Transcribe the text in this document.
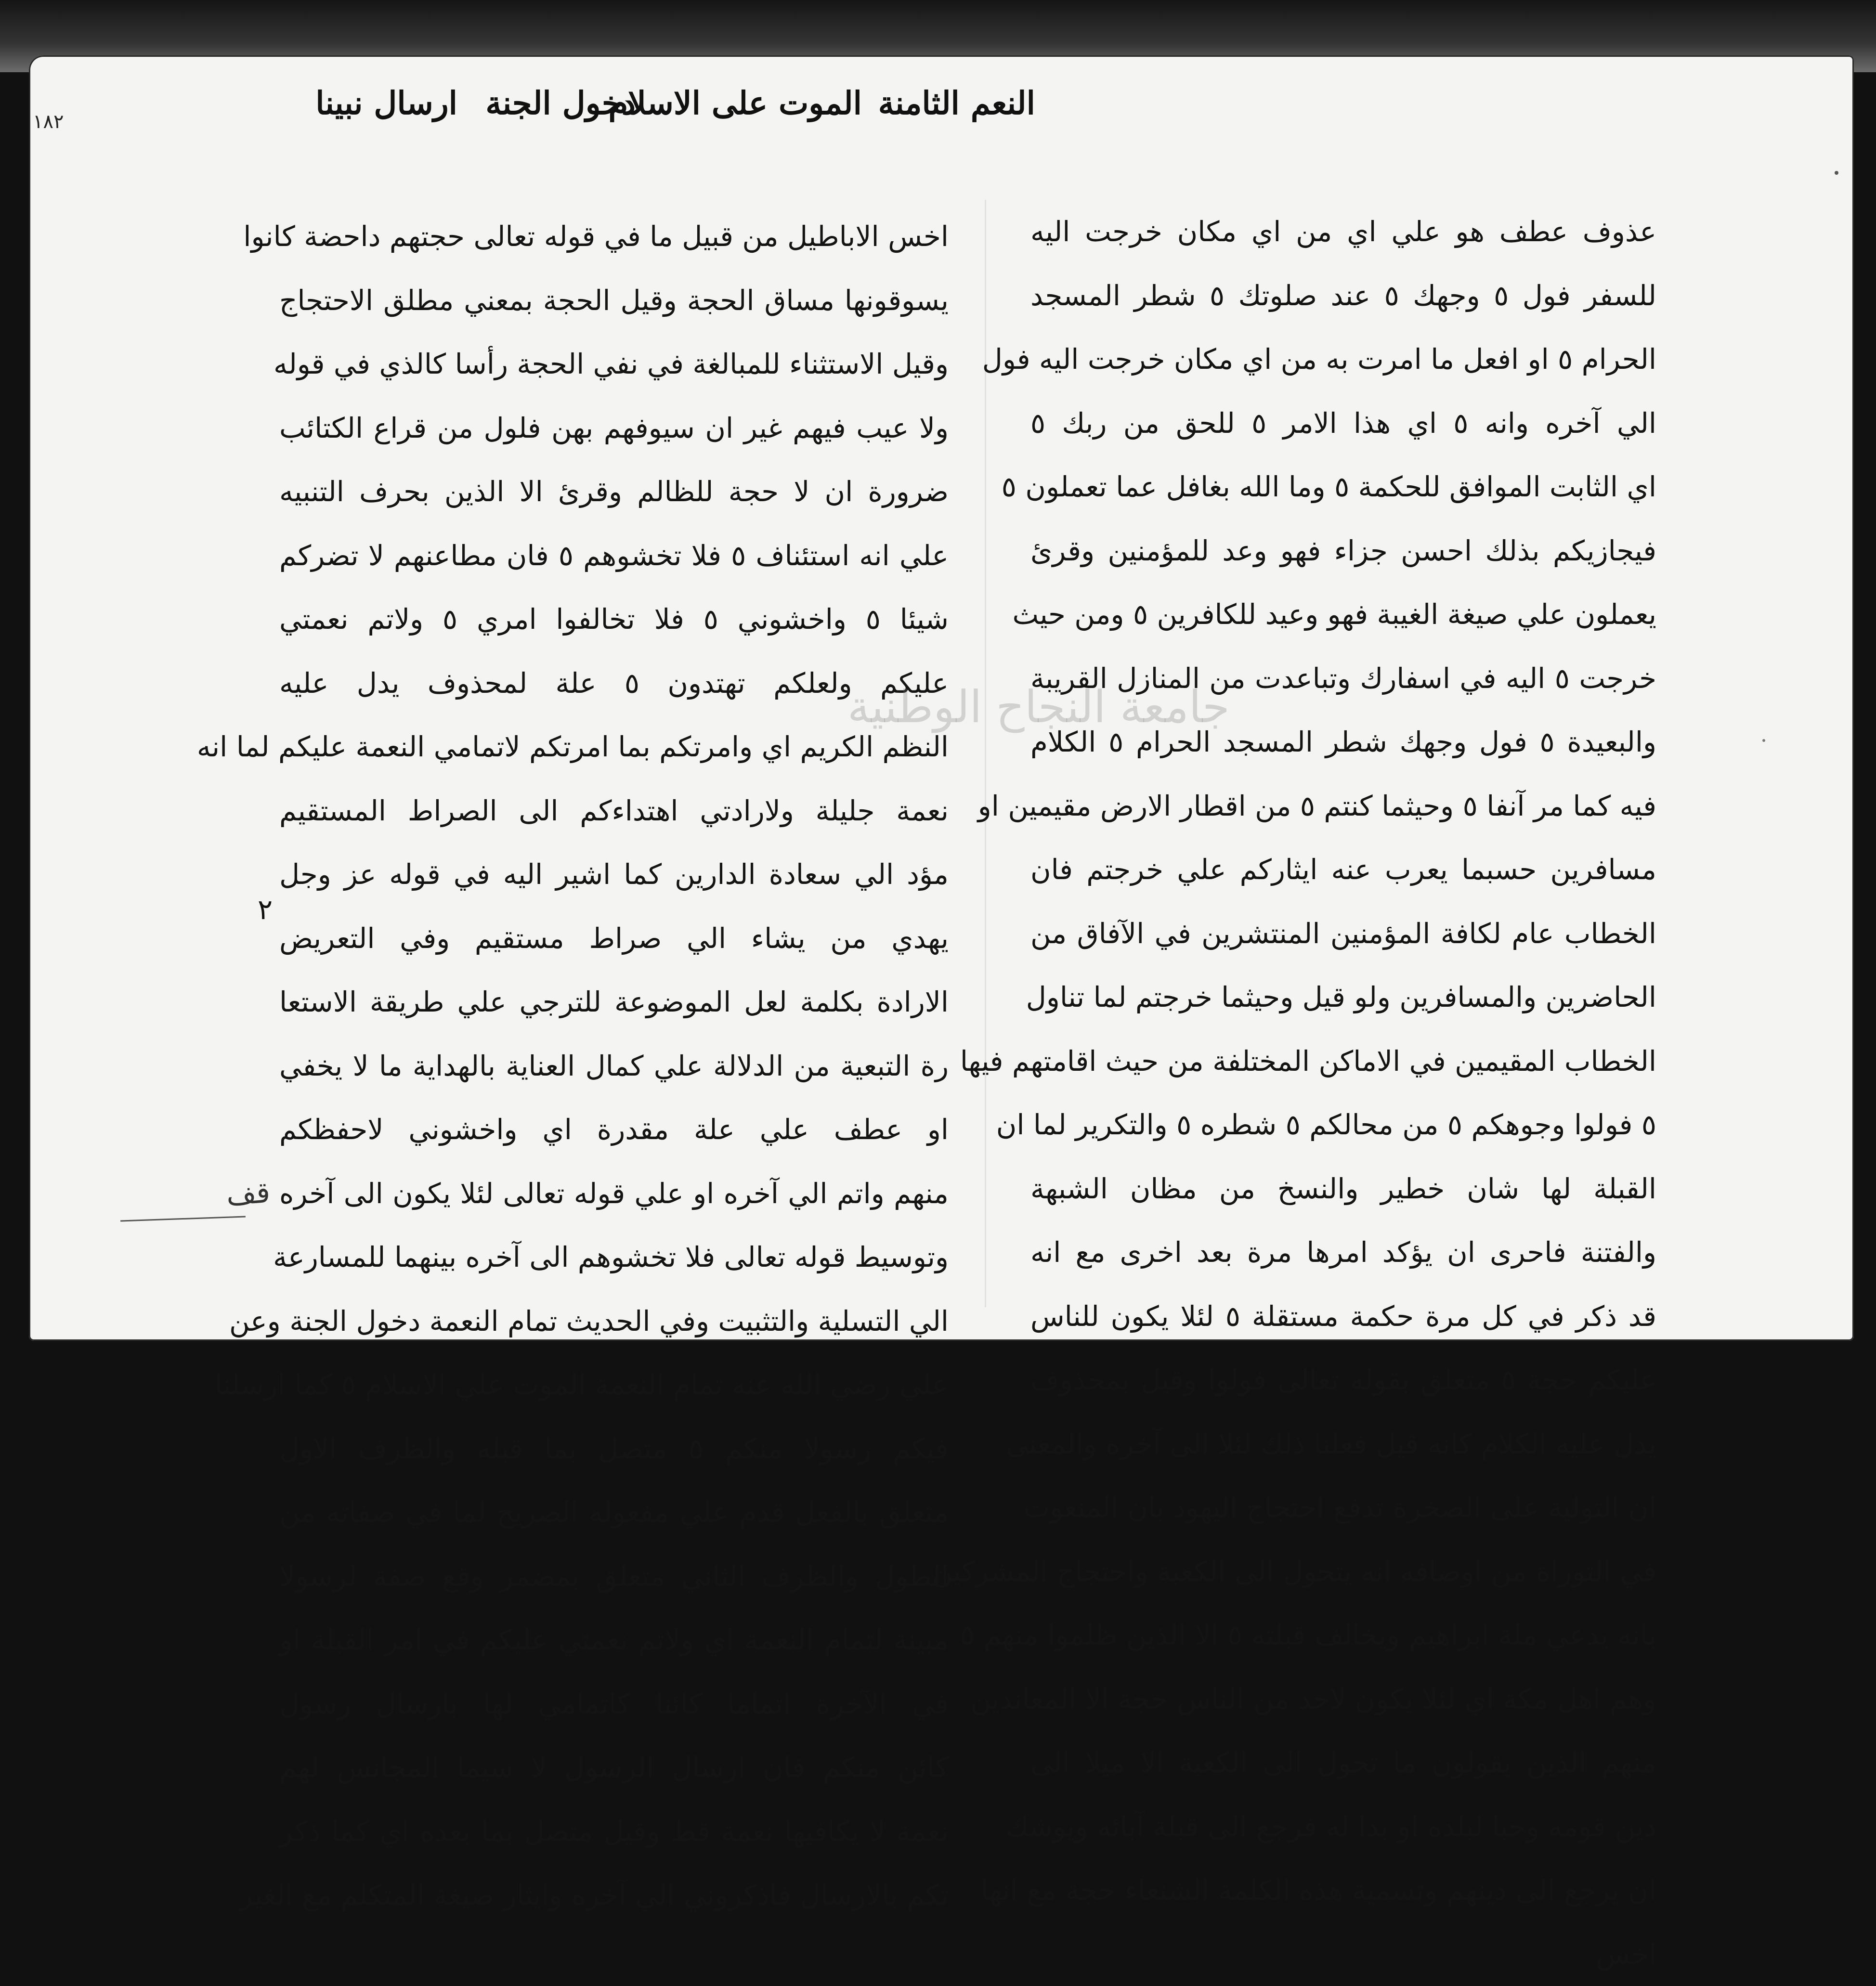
١٨٢	النعم الثامنة
الموت على الاسلام
دخول الجنة
ارسال نبينا
عذوف عطف هو علي اي من اي مكان خرجت اليه
للسفر فول ٥ وجهك ٥ عند صلوتك ٥ شطر المسجد
الحرام ٥ او افعل ما امرت به من اي مكان خرجت اليه فول
الي آخره وانه ٥ اي هذا الامر ٥ للحق من ربك ٥
اي الثابت الموافق للحكمة ٥ وما الله بغافل عما تعملون ٥
فيجازيكم بذلك احسن جزاء فهو وعد للمؤمنين وقرئ
يعملون علي صيغة الغيبة فهو وعيد للكافرين ٥ ومن حيث
خرجت ٥ اليه في اسفارك وتباعدت من المنازل القريبة
والبعيدة ٥ فول وجهك شطر المسجد الحرام ٥ الكلام
فيه كما مر آنفا ٥ وحيثما كنتم ٥ من اقطار الارض مقيمين او
مسافرين حسبما يعرب عنه ايثاركم علي خرجتم فان
الخطاب عام لكافة المؤمنين المنتشرين في الآفاق من
الحاضرين والمسافرين ولو قيل وحيثما خرجتم لما تناول
الخطاب المقيمين في الاماكن المختلفة من حيث اقامتهم فيها
٥ فولوا وجوهكم ٥ من محالكم ٥ شطره ٥ والتكرير لما ان
القبلة لها شان خطير والنسخ من مظان الشبهة
والفتنة فاحرى ان يؤكد امرها مرة بعد اخرى مع انه
قد ذكر في كل مرة حكمة مستقلة ٥ لئلا يكون للناس
عليكم حجة ٥ متعلق بقوله تعالى فولوا وقيل بمحذوف
يدل عليه الكلام كانه قيل فعلنا ذلك لئلا الى آخره والمعنى
ان التولية على الصخرة تدفع احتجاج اليهود بان المنعوت
في التوراة من اوصافه انه يتحول الى الكعبة واحتجاج المشركين
بانه يدعي ملة ابراهيم ويخالف قبلته ٥ الا الذين ظلموا منهم ٥
وهم اهل مكة اي لئلا يكون لاحد من الناس حجة الا المعاندين
منهم الذين يقولون ما تحول الى الكعبة الا ميلا الى
دين قومه وحبا لبلده او بدا له فرجع الى قبلة آبائه ويوشك
ان يرجع الى دينهم وتسمية هذه الكلمة الشنعاء حجة مع انها
اخس
اخس الاباطيل من قبيل ما في قوله تعالى حجتهم داحضة كانوا
يسوقونها مساق الحجة وقيل الحجة بمعني مطلق الاحتجاج
وقيل الاستثناء للمبالغة في نفي الحجة رأسا كالذي في قوله
ولا عيب فيهم غير ان سيوفهم بهن فلول من قراع الكتائب
ضرورة ان لا حجة للظالم وقرئ الا الذين بحرف التنبيه
علي انه استئناف ٥ فلا تخشوهم ٥ فان مطاعنهم لا تضركم
شيئا ٥ واخشوني ٥ فلا تخالفوا امري ٥ ولاتم نعمتي
عليكم ولعلكم تهتدون ٥ علة لمحذوف يدل عليه
النظم الكريم اي وامرتكم بما امرتكم لاتمامي النعمة عليكم لما انه
نعمة جليلة ولارادتي اهتداءكم الى الصراط المستقيم
مؤد الي سعادة الدارين كما اشير اليه في قوله عز وجل
يهدي من يشاء الي صراط مستقيم وفي التعريض
الارادة بكلمة لعل الموضوعة للترجي علي طريقة الاستعا
رة التبعية من الدلالة علي كمال العناية بالهداية ما لا يخفي
او عطف علي علة مقدرة اي واخشوني لاحفظكم
منهم واتم الي آخره او علي قوله تعالى لئلا يكون الى آخره
وتوسيط قوله تعالى فلا تخشوهم الى آخره بينهما للمسارعة
الي التسلية والتثبيت وفي الحديث تمام النعمة دخول الجنة وعن
علي رضي الله عنه تمام النعمة الموت علي الاسلام ٥ كما ارسلنا
فيكم رسولا منكم ٥ متصل بما قبله والظرف الاول
متعلق بالفعل قدم علي مفعوله الصريح لما في صفاته من
الطول والظرف الثاني متعلق بمضمر وقع صفة لرسولا
مبينة لتمام النعمة اي ولاتم نعمتي عليكم في امر القبلة او
في الآخرة اتماما كائنا كاتمامي لها بارسال رسول
كائن منكم فان ارسال الرسول لا سيما المجانس لهم
نعمة لا يكافيها نعمة قط وقيل متصل بما بعده اي كما ذكر
تكم بالارسال فاذكروني الي آخره وايثار صيغة المتكلم مع الغير
٢
قف
جامعة النجاح الوطنية
